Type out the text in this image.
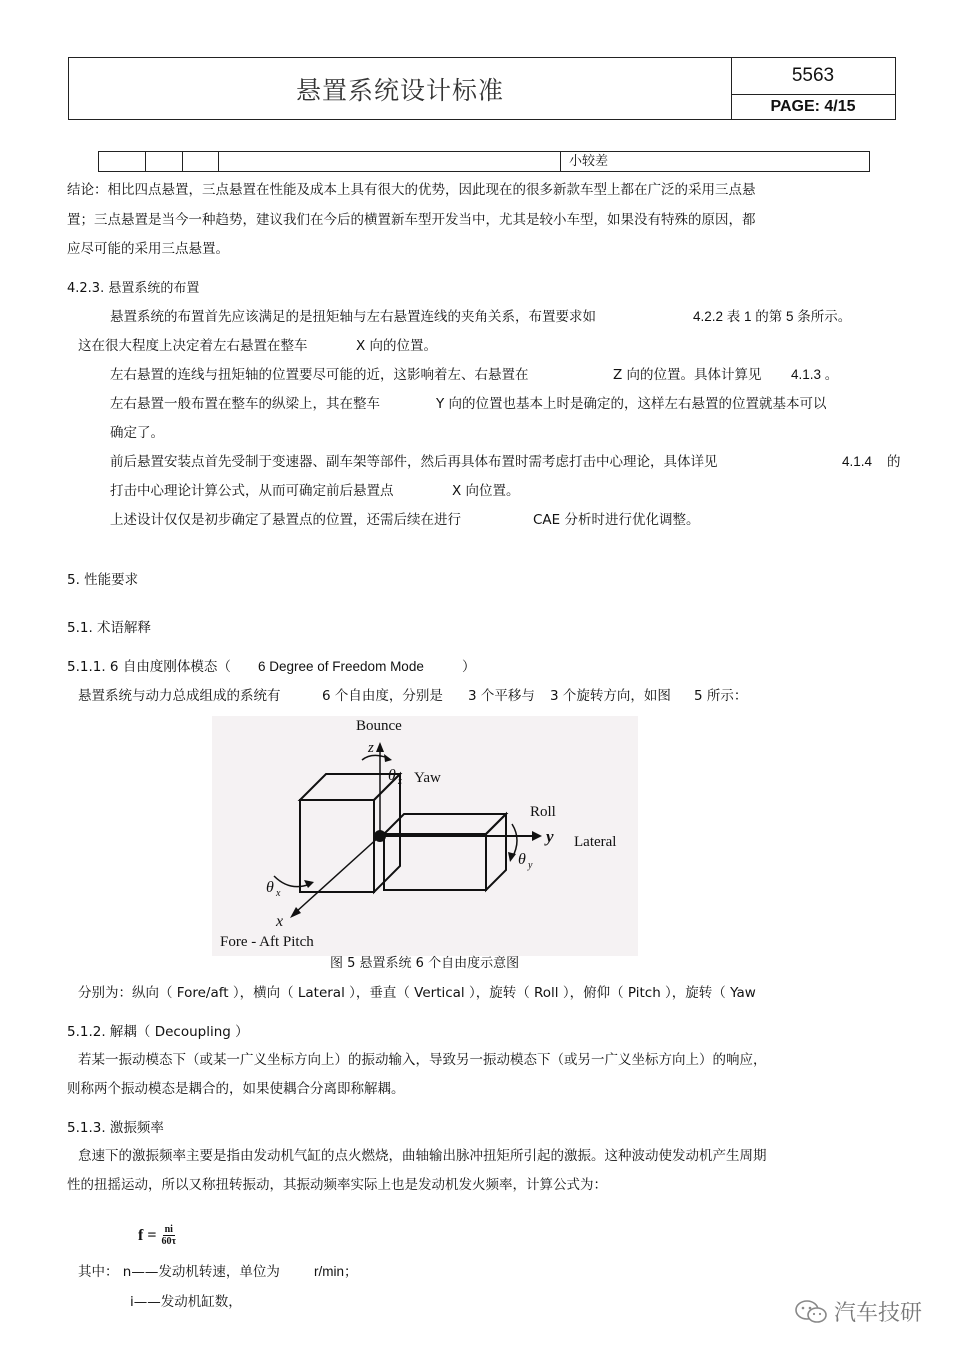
悬置系统设计标准	5563
PAGE: 4/15
小较差
结论：相比四点悬置，三点悬置在性能及成本上具有很大的优势，因此现在的很多新款车型上都在广泛的采用三点悬
置；三点悬置是当今一种趋势，建议我们在今后的横置新车型开发当中，尤其是较小车型，如果没有特殊的原因，都
应尽可能的采用三点悬置。
4.2.3. 悬置系统的布置
悬置系统的布置首先应该满足的是扭矩轴与左右悬置连线的夹角关系，布置要求如	4.2.2 表 1 的第 5 条所示。
这在很大程度上决定着左右悬置在整车	X 向的位置。
左右悬置的连线与扭矩轴的位置要尽可能的近，这影响着左、右悬置在	Z 向的位置。具体计算见 4.1.3 。
左右悬置一般布置在整车的纵梁上，其在整车	Y 向的位置也基本上时是确定的，这样左右悬置的位置就基本可以
确定了。
前后悬置安装点首先受制于变速器、副车架等部件，然后再具体布置时需考虑打击中心理论，具体详见	4.1.4 的
打击中心理论计算公式，从而可确定前后悬置点	X 向位置。
上述设计仅仅是初步确定了悬置点的位置，还需后续在进行	CAE 分析时进行优化调整。
5. 性能要求
5.1. 术语解释
5.1.1. 6 自由度刚体模态（ 6 Degree of Freedom Mode	）
悬置系统与动力总成组成的系统有	6 个自由度，分别是 3 个平移与 3 个旋转方向，如图 5 所示：
Bounce
z
θ z Yaw
Roll
y Lateral
θ y
θ x
x
Fore - Aft Pitch
图 5 悬置系统 6 个自由度示意图
分别为：纵向（ Fore/aft ），横向（ Lateral ），垂直（ Vertical ），旋转（ Roll ），俯仰（ Pitch ），旋转（ Yaw
5.1.2. 解耦（ Decoupling ）
若某一振动模态下（或某一广义坐标方向上）的振动输入，导致另一振动模态下（或另一广义坐标方向上）的响应，
则称两个振动模态是耦合的，如果使耦合分离即称解耦。
5.1.3. 激振频率
怠速下的激振频率主要是指由发动机气缸的点火燃烧，曲轴输出脉冲扭矩所引起的激振。这种波动使发动机产生周期
性的扭摇运动，所以又称扭转振动，其振动频率实际上也是发动机发火频率，计算公式为：
$f = \frac{ni}{60\tau}$
其中： n——发动机转速，单位为	r/min；
i——发动机缸数，	汽车技研
